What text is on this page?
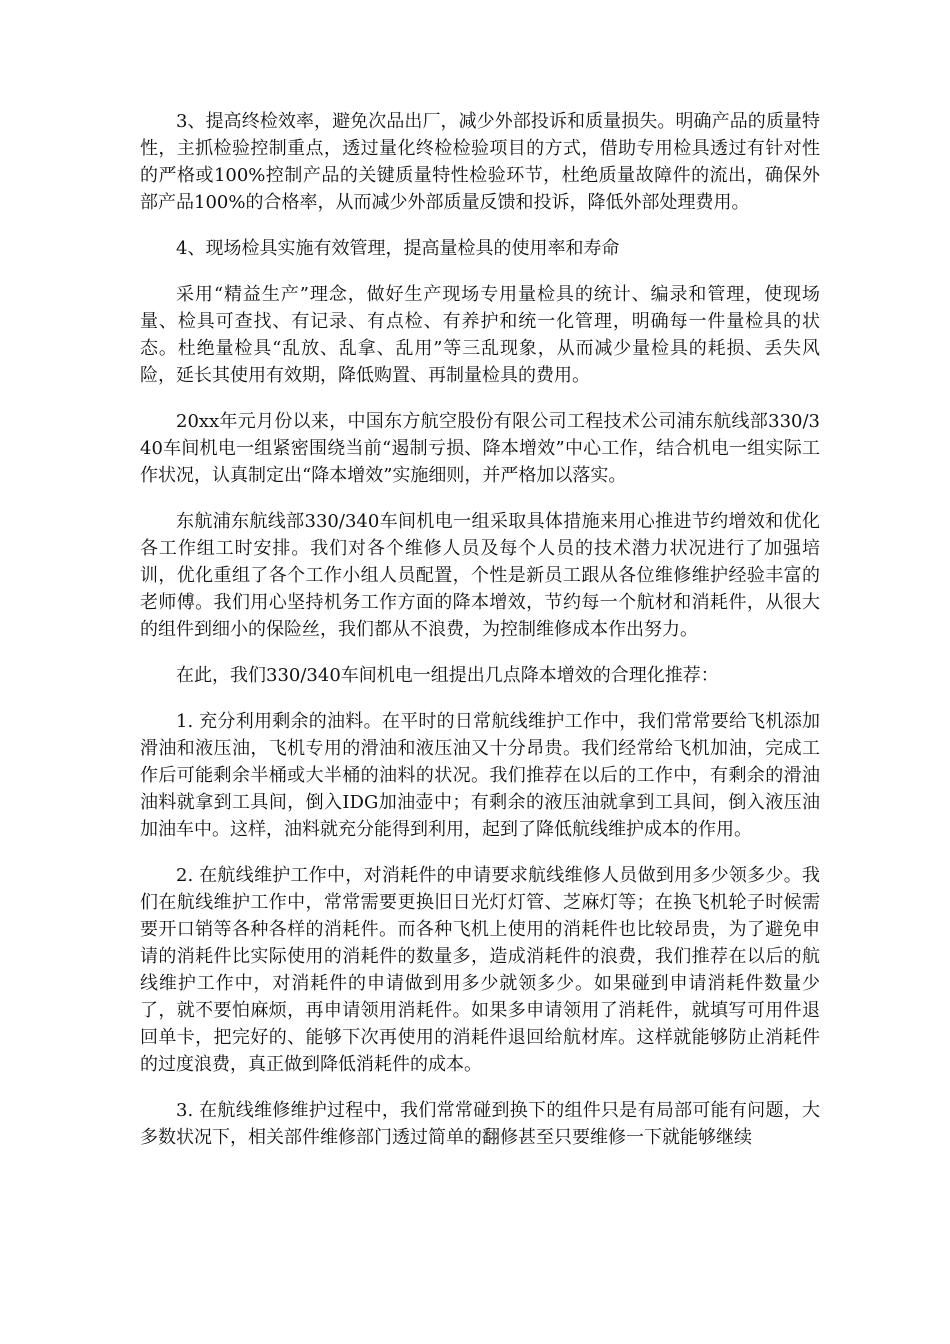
3、提高终检效率，避免次品出厂，减少外部投诉和质量损失。明确产品的质量特性，主抓检验控制重点，透过量化终检检验项目的方式，借助专用检具透过有针对性的严格或100%控制产品的关键质量特性检验环节，杜绝质量故障件的流出，确保外部产品100%的合格率，从而减少外部质量反馈和投诉，降低外部处理费用。

4、现场检具实施有效管理，提高量检具的使用率和寿命

采用“精益生产”理念，做好生产现场专用量检具的统计、编录和管理，使现场量、检具可查找、有记录、有点检、有养护和统一化管理，明确每一件量检具的状态。杜绝量检具“乱放、乱拿、乱用”等三乱现象，从而减少量检具的耗损、丢失风险，延长其使用有效期，降低购置、再制量检具的费用。

20xx年元月份以来，中国东方航空股份有限公司工程技术公司浦东航线部330/340车间机电一组紧密围绕当前“遏制亏损、降本增效”中心工作，结合机电一组实际工作状况，认真制定出“降本增效”实施细则，并严格加以落实。

东航浦东航线部330/340车间机电一组采取具体措施来用心推进节约增效和优化各工作组工时安排。我们对各个维修人员及每个人员的技术潜力状况进行了加强培训，优化重组了各个工作小组人员配置，个性是新员工跟从各位维修维护经验丰富的老师傅。我们用心坚持机务工作方面的降本增效，节约每一个航材和消耗件，从很大的组件到细小的保险丝，我们都从不浪费，为控制维修成本作出努力。

在此，我们330/340车间机电一组提出几点降本增效的合理化推荐：

1. 充分利用剩余的油料。在平时的日常航线维护工作中，我们常常要给飞机添加滑油和液压油，飞机专用的滑油和液压油又十分昂贵。我们经常给飞机加油，完成工作后可能剩余半桶或大半桶的油料的状况。我们推荐在以后的工作中，有剩余的滑油油料就拿到工具间，倒入IDG加油壶中；有剩余的液压油就拿到工具间，倒入液压油加油车中。这样，油料就充分能得到利用，起到了降低航线维护成本的作用。

2. 在航线维护工作中，对消耗件的申请要求航线维修人员做到用多少领多少。我们在航线维护工作中，常常需要更换旧日光灯灯管、芝麻灯等；在换飞机轮子时候需要开口销等各种各样的消耗件。而各种飞机上使用的消耗件也比较昂贵，为了避免申请的消耗件比实际使用的消耗件的数量多，造成消耗件的浪费，我们推荐在以后的航线维护工作中，对消耗件的申请做到用多少就领多少。如果碰到申请消耗件数量少了，就不要怕麻烦，再申请领用消耗件。如果多申请领用了消耗件，就填写可用件退回单卡，把完好的、能够下次再使用的消耗件退回给航材库。这样就能够防止消耗件的过度浪费，真正做到降低消耗件的成本。

3. 在航线维修维护过程中，我们常常碰到换下的组件只是有局部可能有问题，大多数状况下，相关部件维修部门透过简单的翻修甚至只要维修一下就能够继续
